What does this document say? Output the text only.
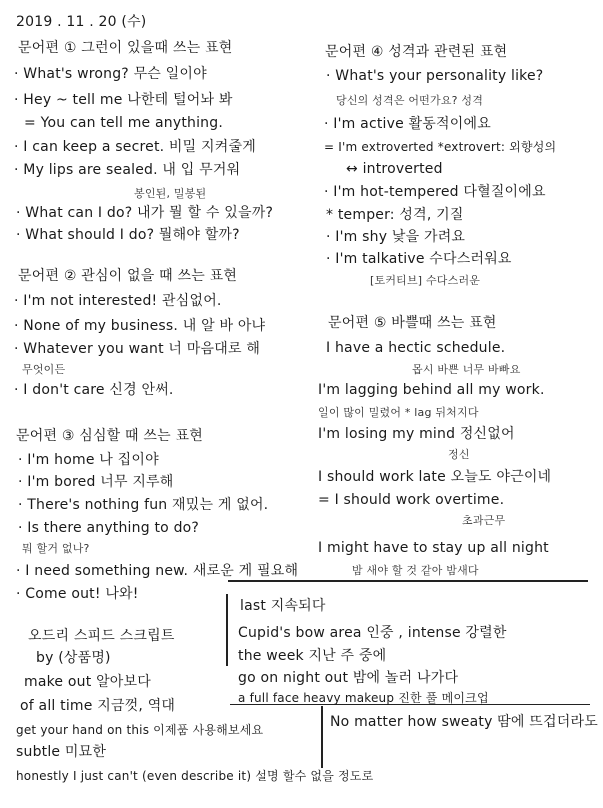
2019 . 11 . 20 (수)
문어편 ① 그런이 있을때 쓰는 표현
· What's wrong? 무슨 일이야
· Hey ~ tell me 나한테 털어놔 봐
= You can tell me anything.
· I can keep a secret. 비밀 지켜줄게
· My lips are sealed. 내 입 무거워
봉인된, 밀봉된
· What can I do? 내가 뭘 할 수 있을까?
· What should I do? 뭘해야 할까?
문어편 ② 관심이 없을 때 쓰는 표현
· I'm not interested! 관심없어.
· None of my business. 내 알 바 아냐
· Whatever you want 너 마음대로 해
무엇이든
· I don't care 신경 안써.
문어편 ③ 심심할 때 쓰는 표현
· I'm home 나 집이야
· I'm bored 너무 지루해
· There's nothing fun 재밌는 게 없어.
· Is there anything to do?
뭐 할거 없나?
· I need something new. 새로운 게 필요해
· Come out! 나와!
오드리 스피드 스크립트
by (상품명)
make out 알아보다
of all time 지금껏, 역대
get your hand on this 이제품 사용해보세요
subtle 미묘한
honestly I just can't (even describe it) 설명 할수 없을 정도로
문어편 ④ 성격과 관련된 표현
· What's your personality like?
당신의 성격은 어떤가요? 성격
· I'm active 활동적이에요
= I'm extroverted *extrovert: 외향성의
↔ introverted
· I'm hot-tempered 다혈질이에요
* temper: 성격, 기질
· I'm shy 낯을 가려요
· I'm talkative 수다스러워요
[토커티브] 수다스러운
문어편 ⑤ 바쁠때 쓰는 표현
I have a hectic schedule.
몹시 바쁜 너무 바빠요
I'm lagging behind all my work.
일이 많이 밀렸어 * lag 뒤처지다
I'm losing my mind 정신없어
정신
I should work late 오늘도 야근이네
= I should work overtime.
초과근무
I might have to stay up all night
밤 새야 할 것 같아 밤새다
last 지속되다
Cupid's bow area 인중 , intense 강렬한
the week 지난 주 중에
go on night out 밤에 놀러 나가다
a full face heavy makeup 진한 풀 메이크업
No matter how sweaty 땀에 뜨겁더라도
